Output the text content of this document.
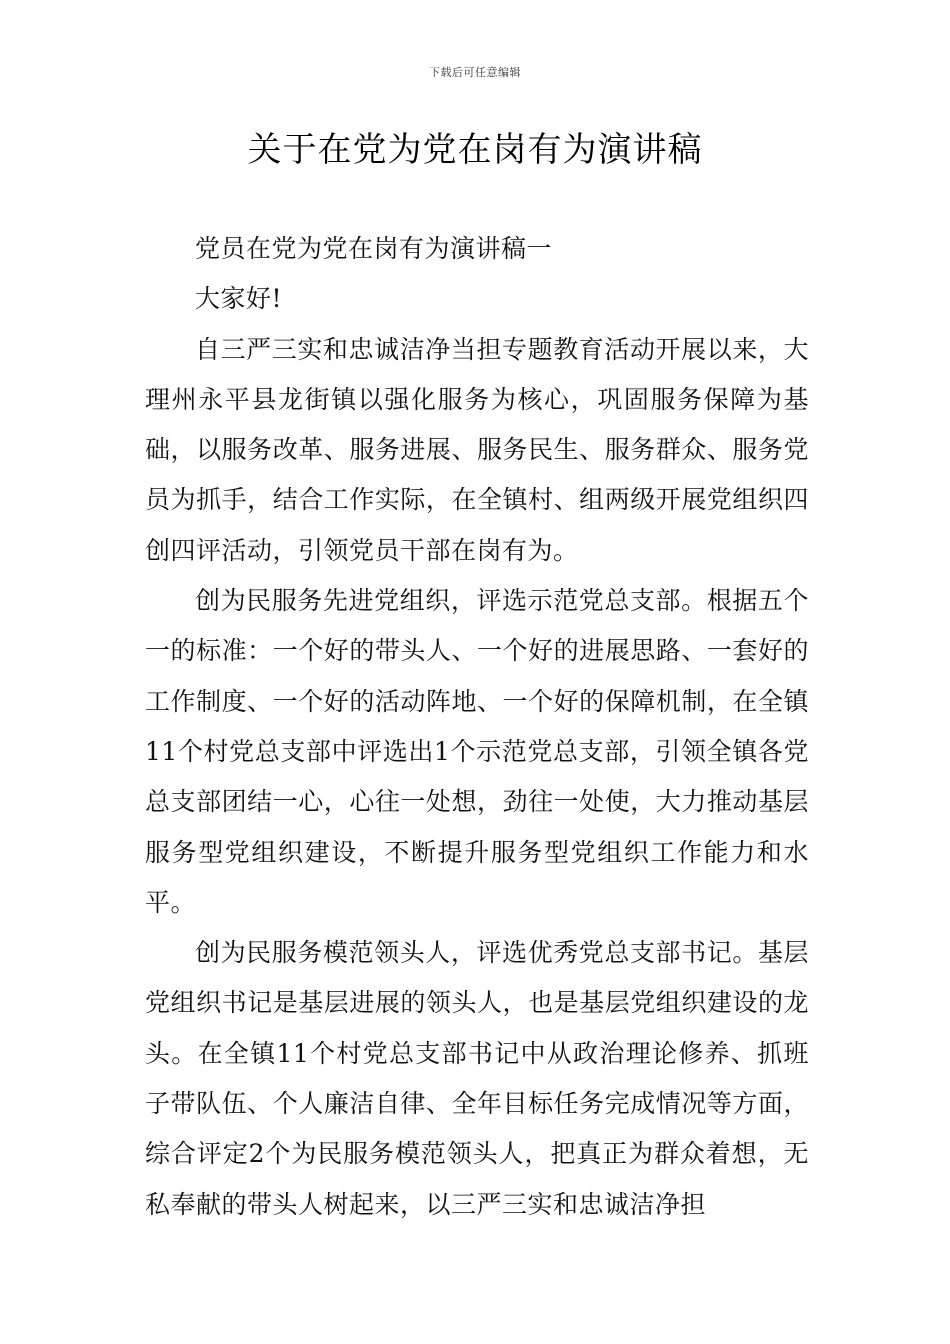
下载后可任意编辑
关于在党为党在岗有为演讲稿

党员在党为党在岗有为演讲稿一

大家好!

自三严三实和忠诚洁净当担专题教育活动开展以来，大理州永平县龙街镇以强化服务为核心，巩固服务保障为基础，以服务改革、服务进展、服务民生、服务群众、服务党员为抓手，结合工作实际，在全镇村、组两级开展党组织四创四评活动，引领党员干部在岗有为。

创为民服务先进党组织，评选示范党总支部。根据五个一的标准：一个好的带头人、一个好的进展思路、一套好的工作制度、一个好的活动阵地、一个好的保障机制，在全镇11个村党总支部中评选出1个示范党总支部，引领全镇各党总支部团结一心，心往一处想，劲往一处使，大力推动基层服务型党组织建设，不断提升服务型党组织工作能力和水平。

创为民服务模范领头人，评选优秀党总支部书记。基层党组织书记是基层进展的领头人，也是基层党组织建设的龙头。在全镇11个村党总支部书记中从政治理论修养、抓班子带队伍、个人廉洁自律、全年目标任务完成情况等方面，综合评定2个为民服务模范领头人，把真正为群众着想，无私奉献的带头人树起来，以三严三实和忠诚洁净担
